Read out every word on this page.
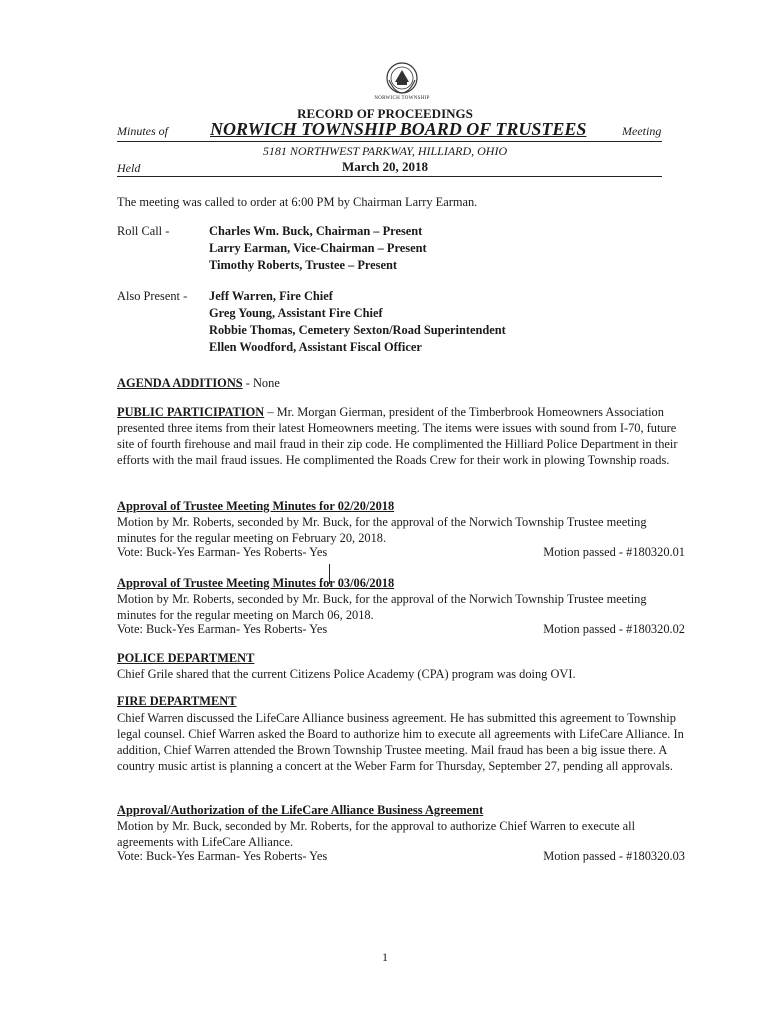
NORWICH TOWNSHIP
RECORD OF PROCEEDINGS
Minutes of NORWICH TOWNSHIP BOARD OF TRUSTEES	Meeting
5181 NORTHWEST PARKWAY, HILLIARD, OHIO
Held	March 20, 2018
The meeting was called to order at 6:00 PM by Chairman Larry Earman.
Roll Call -	Charles Wm. Buck, Chairman – Present
Larry Earman, Vice-Chairman – Present
Timothy Roberts, Trustee – Present
Also Present - Jeff Warren, Fire Chief
Greg Young, Assistant Fire Chief
Robbie Thomas, Cemetery Sexton/Road Superintendent
Ellen Woodford, Assistant Fiscal Officer
AGENDA ADDITIONS - None
PUBLIC PARTICIPATION – Mr. Morgan Gierman, president of the Timberbrook Homeowners Association presented three items from their latest Homeowners meeting. The items were issues with sound from I-70, future site of fourth firehouse and mail fraud in their zip code. He complimented the Hilliard Police Department in their efforts with the mail fraud issues. He complimented the Roads Crew for their work in plowing Township roads.
Approval of Trustee Meeting Minutes for 02/20/2018
Motion by Mr. Roberts, seconded by Mr. Buck, for the approval of the Norwich Township Trustee meeting minutes for the regular meeting on February 20, 2018.
Vote: Buck-Yes Earman- Yes Roberts- Yes	Motion passed - #180320.01
Approval of Trustee Meeting Minutes for 03/06/2018
Motion by Mr. Roberts, seconded by Mr. Buck, for the approval of the Norwich Township Trustee meeting minutes for the regular meeting on March 06, 2018.
Vote: Buck-Yes Earman- Yes Roberts- Yes	Motion passed - #180320.02
POLICE DEPARTMENT
Chief Grile shared that the current Citizens Police Academy (CPA) program was doing OVI.
FIRE DEPARTMENT
Chief Warren discussed the LifeCare Alliance business agreement. He has submitted this agreement to Township legal counsel. Chief Warren asked the Board to authorize him to execute all agreements with LifeCare Alliance. In addition, Chief Warren attended the Brown Township Trustee meeting. Mail fraud has been a big issue there. A country music artist is planning a concert at the Weber Farm for Thursday, September 27, pending all approvals.
Approval/Authorization of the LifeCare Alliance Business Agreement
Motion by Mr. Buck, seconded by Mr. Roberts, for the approval to authorize Chief Warren to execute all agreements with LifeCare Alliance.
Vote: Buck-Yes Earman- Yes Roberts- Yes	Motion passed - #180320.03
1
